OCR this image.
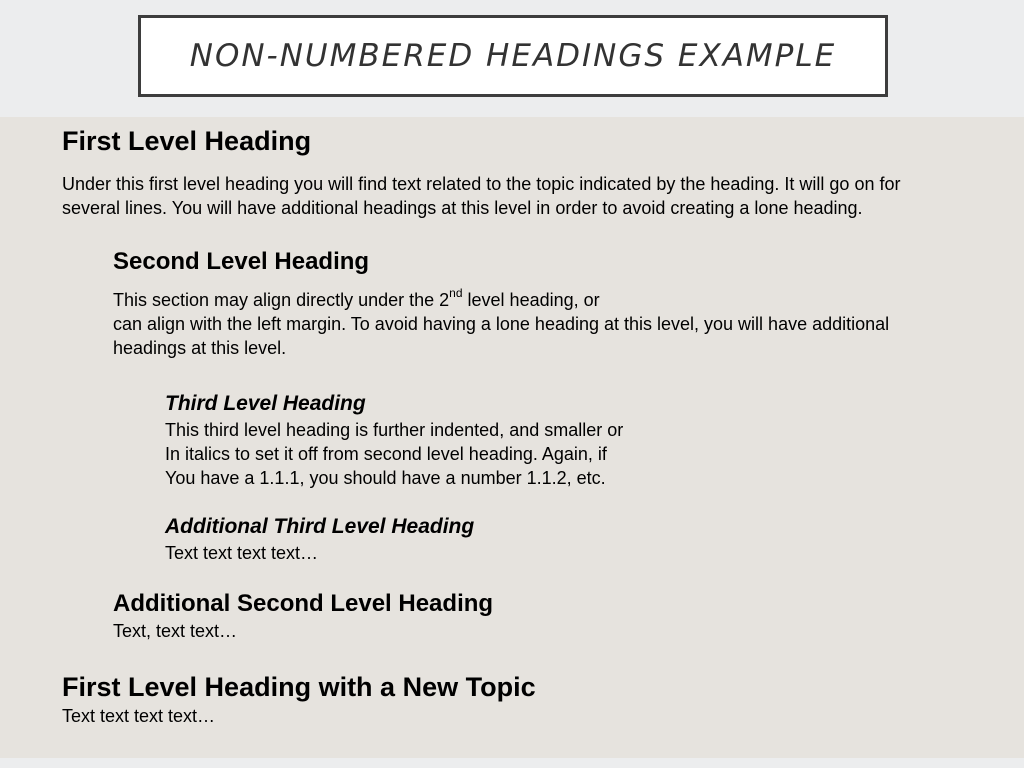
NON-NUMBERED HEADINGS EXAMPLE
First Level Heading
Under this first level heading you will find text related to the topic indicated by the heading. It will go on for
several lines. You will have additional headings at this level in order to avoid creating a lone heading.
Second Level Heading
This section may align directly under the 2nd level heading, or
can align with the left margin. To avoid having a lone heading at this level, you will have additional
headings at this level.
Third Level Heading
This third level heading is further indented, and smaller or
In italics to set it off from second level heading. Again, if
You have a 1.1.1, you should have a number 1.1.2, etc.
Additional Third Level Heading
Text text text text…
Additional Second Level Heading
Text, text text…
First Level Heading with a New Topic
Text text text text…
